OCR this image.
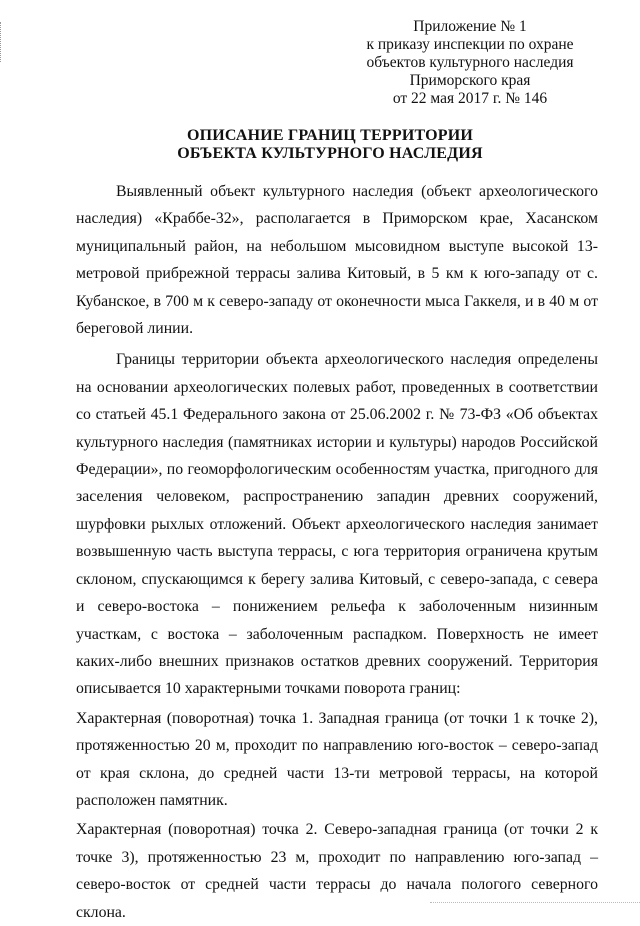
Приложение № 1
к приказу инспекции по охране
объектов культурного наследия
Приморского края
от 22 мая 2017 г. № 146
ОПИСАНИЕ ГРАНИЦ ТЕРРИТОРИИ
ОБЪЕКТА КУЛЬТУРНОГО НАСЛЕДИЯ

Выявленный объект культурного наследия (объект археологического наследия) «Краббе-32», располагается в Приморском крае, Хасанском муниципальный район, на небольшом мысовидном выступе высокой 13-метровой прибрежной террасы залива Китовый, в 5 км к юго-западу от с. Кубанское, в 700 м к северо-западу от оконечности мыса Гаккеля, и в 40 м от береговой линии.

Границы территории объекта археологического наследия определены на основании археологических полевых работ, проведенных в соответствии со статьей 45.1 Федерального закона от 25.06.2002 г. № 73-ФЗ «Об объектах культурного наследия (памятниках истории и культуры) народов Российской Федерации», по геоморфологическим особенностям участка, пригодного для заселения человеком, распространению западин древних сооружений, шурфовки рыхлых отложений. Объект археологического наследия занимает возвышенную часть выступа террасы, с юга территория ограничена крутым склоном, спускающимся к берегу залива Китовый, с северо-запада, с севера и северо-востока – понижением рельефа к заболоченным низинным участкам, с востока – заболоченным распадком. Поверхность не имеет каких-либо внешних признаков остатков древних сооружений. Территория описывается 10 характерными точками поворота границ:

Характерная (поворотная) точка 1. Западная граница (от точки 1 к точке 2), протяженностью 20 м, проходит по направлению юго-восток – северо-запад от края склона, до средней части 13-ти метровой террасы, на которой расположен памятник.

Характерная (поворотная) точка 2. Северо-западная граница (от точки 2 к точке 3), протяженностью 23 м, проходит по направлению юго-запад – северо-восток от средней части террасы до начала пологого северного склона.
